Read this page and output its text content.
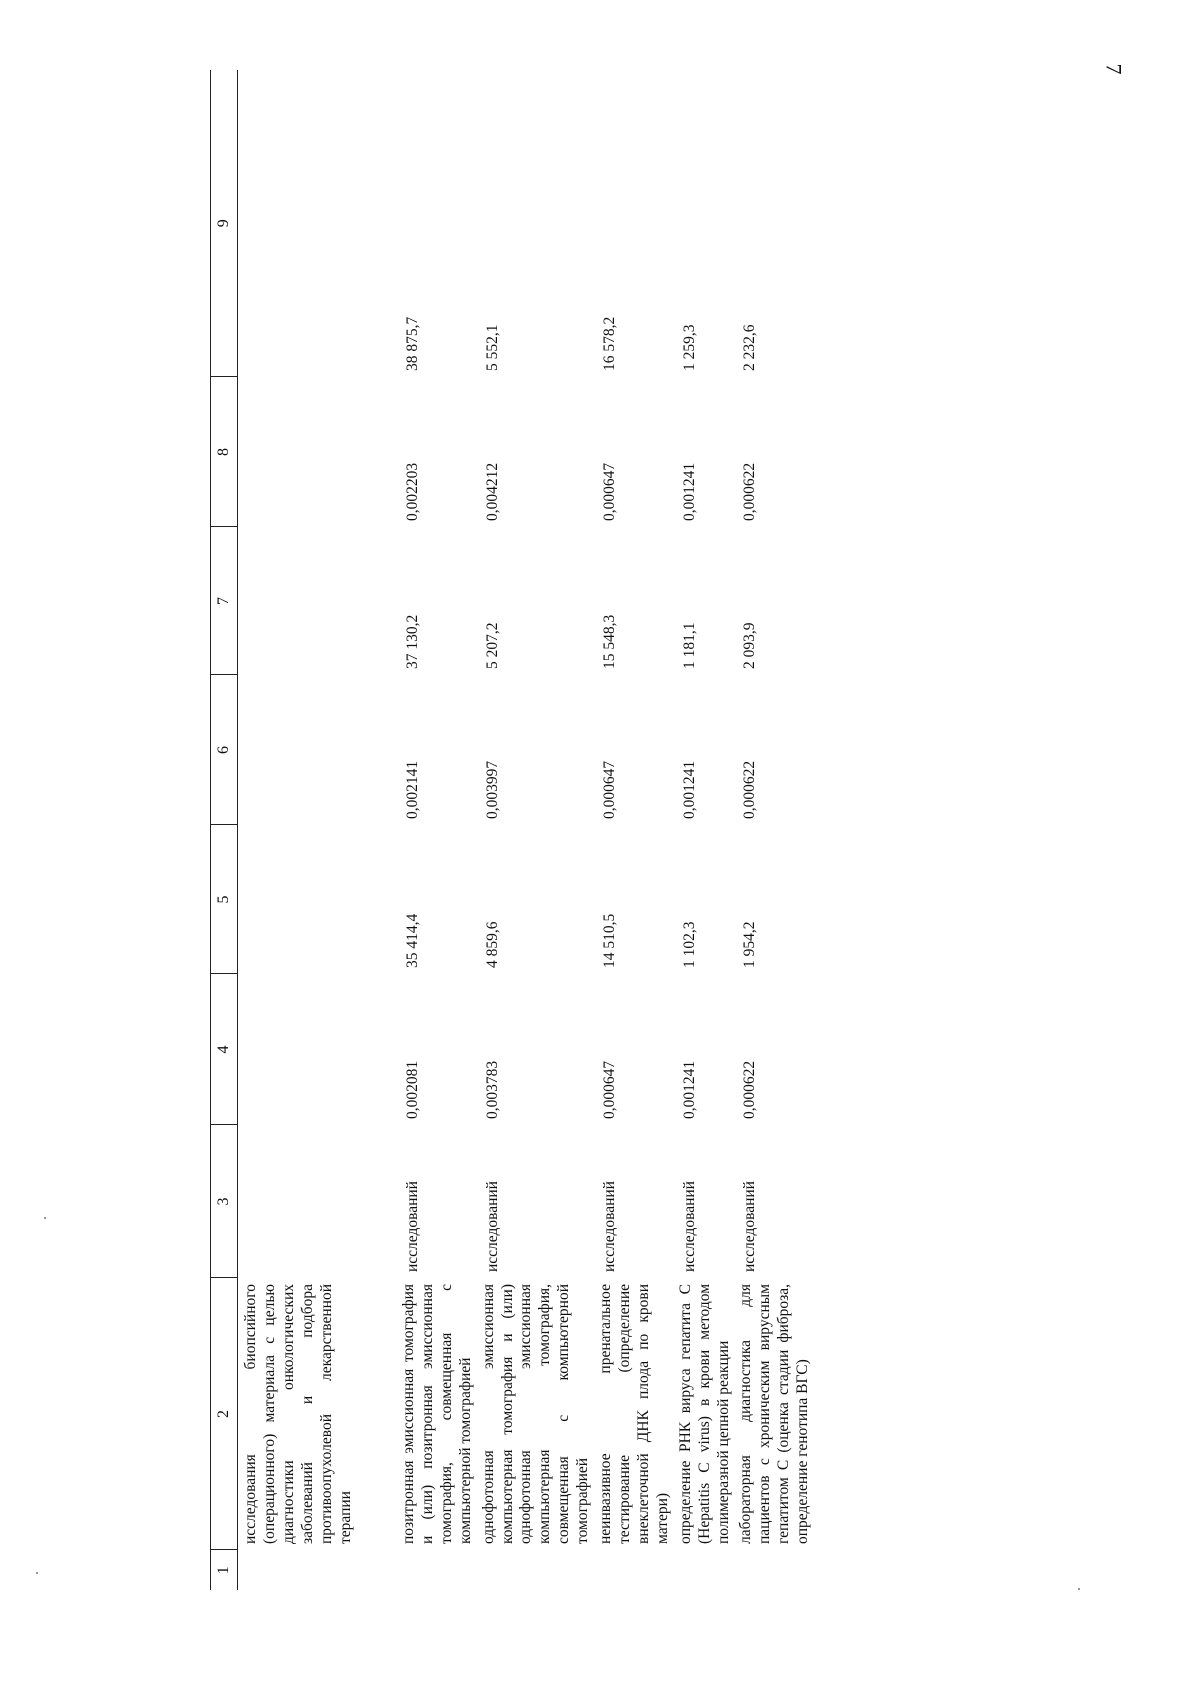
7
1	2	3	4	5	6	7	8	9
	исследования биопсийного (операционного) материала с целью диагностики онкологических заболеваний и подбора противоопухолевой лекарственной терапии							
	позитронная эмиссионная томография и (или) позитронная эмиссионная томография, совмещенная с компьютерной томографией	исследований	0,002081	35 414,4	0,002141	37 130,2	0,002203	38 875,7
	однофотонная эмиссионная компьютерная томография и (или) однофотонная эмиссионная компьютерная томография, совмещенная с компьютерной томографией	исследований	0,003783	4 859,6	0,003997	5 207,2	0,004212	5 552,1
	неинвазивное пренатальное тестирование (определение внеклеточной ДНК плода по крови матери)	исследований	0,000647	14 510,5	0,000647	15 548,3	0,000647	16 578,2
	определение РНК вируса гепатита С (Hepatitis C virus) в крови методом полимеразной цепной реакции	исследований	0,001241	1 102,3	0,001241	1 181,1	0,001241	1 259,3
	лабораторная диагностика для пациентов с хроническим вирусным гепатитом С (оценка стадии фиброза, определение генотипа ВГС)	исследований	0,000622	1 954,2	0,000622	2 093,9	0,000622	2 232,6
